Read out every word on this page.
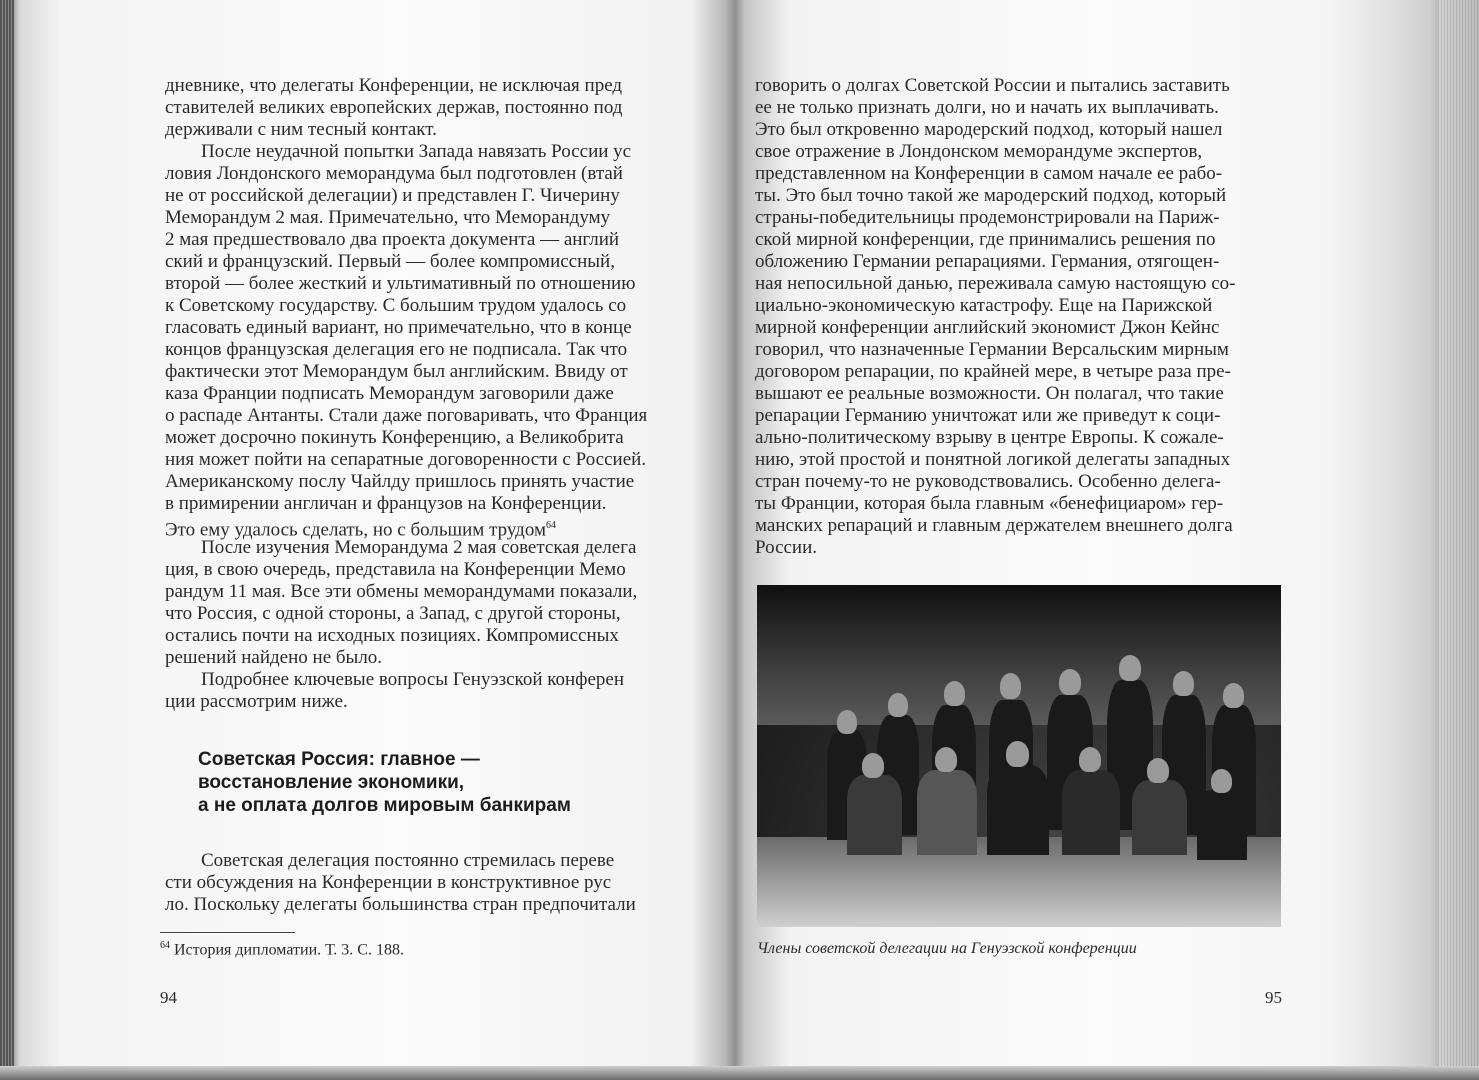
дневнике, что делегаты Конференции, не исключая пред
ставителей великих европейских держав, постоянно под
держивали с ним тесный контакт.
После неудачной попытки Запада навязать России ус
ловия Лондонского меморандума был подготовлен (втай
не от российской делегации) и представлен Г. Чичерину
Меморандум 2 мая. Примечательно, что Меморандуму
2 мая предшествовало два проекта документа — англий
ский и французский. Первый — более компромиссный,
второй — более жесткий и ультимативный по отношению
к Советскому государству. С большим трудом удалось со
гласовать единый вариант, но примечательно, что в конце
концов французская делегация его не подписала. Так что
фактически этот Меморандум был английским. Ввиду от
каза Франции подписать Меморандум заговорили даже
о распаде Антанты. Стали даже поговаривать, что Франция
может досрочно покинуть Конференцию, а Великобрита
ния может пойти на сепаратные договоренности с Россией.
Американскому послу Чайлду пришлось принять участие
в примирении англичан и французов на Конференции.
Это ему удалось сделать, но с большим трудом$^{64}$
После изучения Меморандума 2 мая советская делега
ция, в свою очередь, представила на Конференции Мемо
рандум 11 мая. Все эти обмены меморандумами показали,
что Россия, с одной стороны, а Запад, с другой стороны,
остались почти на исходных позициях. Компромиссных
решений найдено не было.
Подробнее ключевые вопросы Генуэзской конферен
ции рассмотрим ниже.
Советская Россия: главное —
восстановление экономики,
а не оплата долгов мировым банкирам
Советская делегация постоянно стремилась переве
сти обсуждения на Конференции в конструктивное рус
ло. Поскольку делегаты большинства стран предпочитали
$^{64}$ История дипломатии. Т. 3. С. 188.
94
говорить о долгах Советской России и пытались заставить
ее не только признать долги, но и начать их выплачивать.
Это был откровенно мародерский подход, который нашел
свое отражение в Лондонском меморандуме экспертов,
представленном на Конференции в самом начале ее рабо-
ты. Это был точно такой же мародерский подход, который
страны-победительницы продемонстрировали на Париж-
ской мирной конференции, где принимались решения по
обложению Германии репарациями. Германия, отягощен-
ная непосильной данью, переживала самую настоящую со-
циально-экономическую катастрофу. Еще на Парижской
мирной конференции английский экономист Джон Кейнс
говорил, что назначенные Германии Версальским мирным
договором репарации, по крайней мере, в четыре раза пре-
вышают ее реальные возможности. Он полагал, что такие
репарации Германию уничтожат или же приведут к соци-
ально-политическому взрыву в центре Европы. К сожале-
нию, этой простой и понятной логикой делегаты западных
стран почему-то не руководствовались. Особенно делега-
ты Франции, которая была главным «бенефициаром» гер-
манских репараций и главным держателем внешнего долга
России.
Члены советской делегации на Генуэзской конференции
95
